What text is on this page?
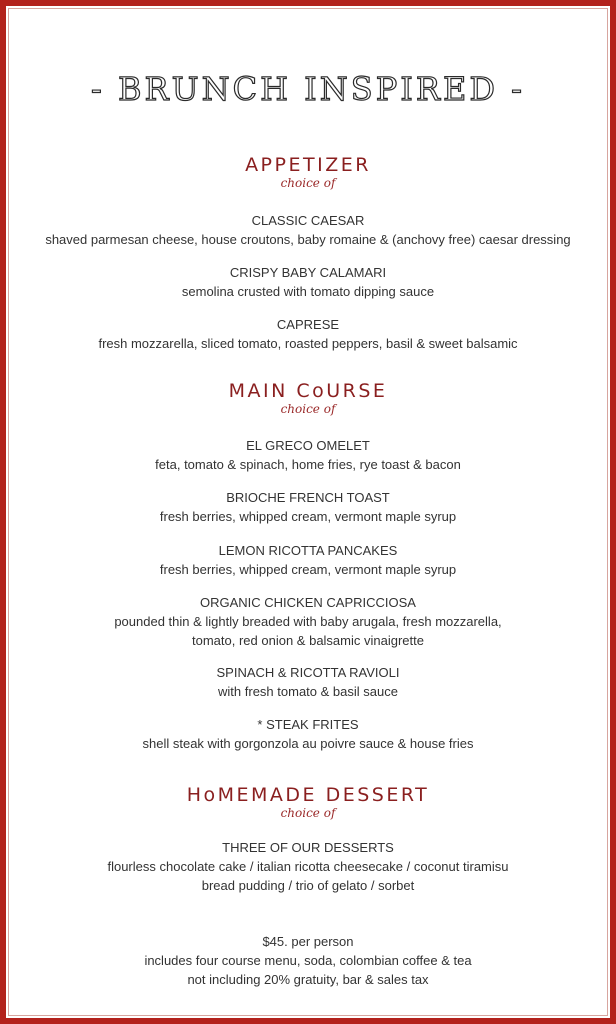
- BRUNCH INSPIRED -
APPETIZER
choice of
CLASSIC CAESAR
shaved parmesan cheese, house croutons, baby romaine & (anchovy free) caesar dressing
CRISPY BABY CALAMARI
semolina crusted with tomato dipping sauce
CAPRESE
fresh mozzarella, sliced tomato, roasted peppers, basil & sweet balsamic
MAIN CoURSE
choice of
EL GRECO OMELET
feta, tomato & spinach, home fries, rye toast & bacon
BRIOCHE FRENCH TOAST
fresh berries, whipped cream, vermont maple syrup
LEMON RICOTTA PANCAKES
fresh berries, whipped cream, vermont maple syrup
ORGANIC CHICKEN CAPRICCIOSA
pounded thin & lightly breaded with baby arugala, fresh mozzarella,
tomato, red onion & balsamic vinaigrette
SPINACH & RICOTTA RAVIOLI
with fresh tomato & basil sauce
* STEAK FRITES
shell steak with gorgonzola au poivre sauce & house fries
HoMEMADE DESSERT
choice of
THREE OF OUR DESSERTS
flourless chocolate cake / italian ricotta cheesecake / coconut tiramisu
bread pudding / trio of gelato / sorbet
$45. per person
includes four course menu, soda, colombian coffee & tea
not including 20% gratuity, bar & sales tax
